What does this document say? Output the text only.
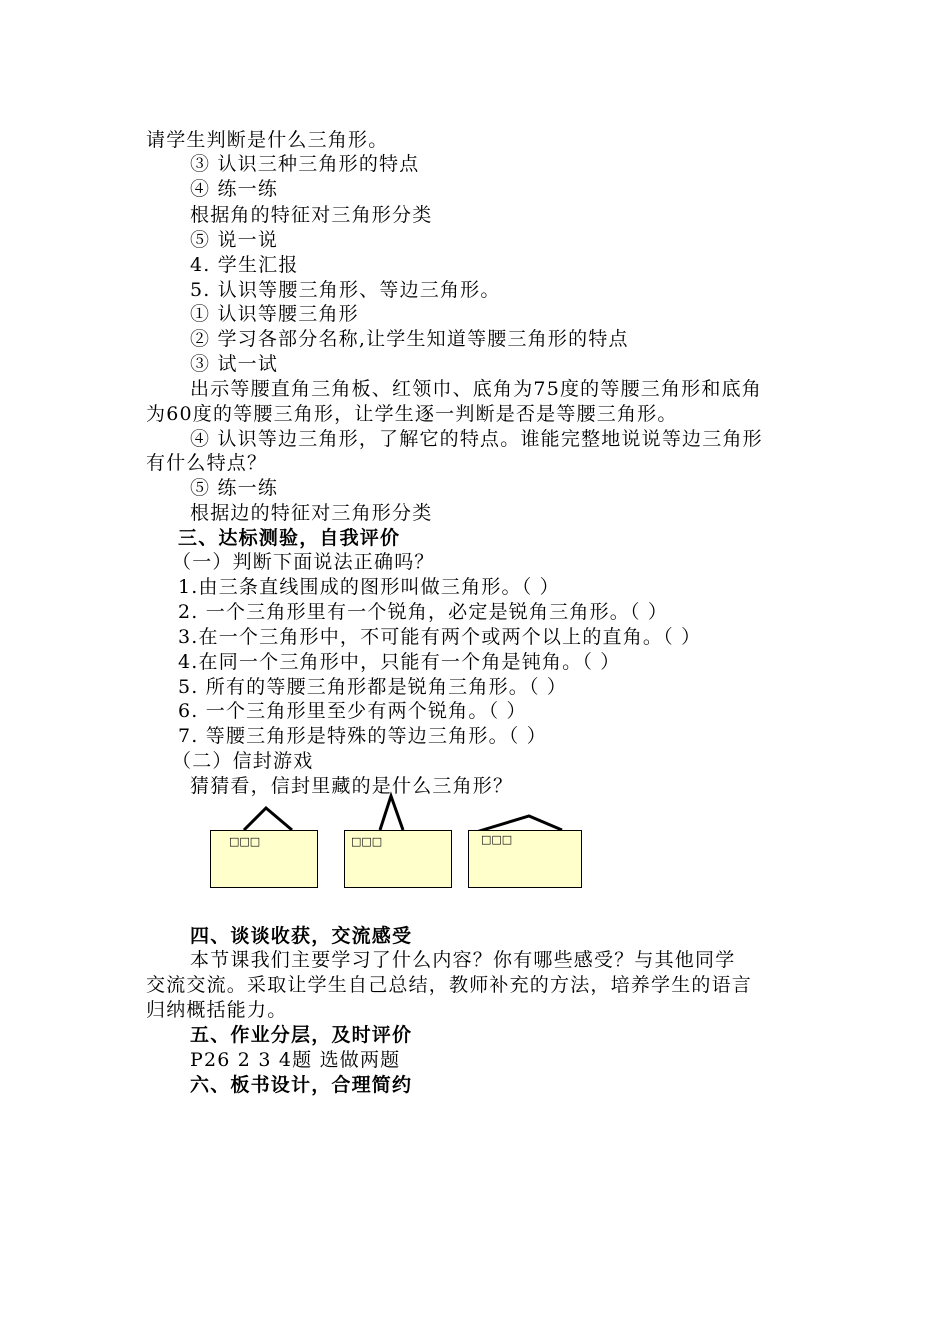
请学生判断是什么三角形。
③ 认识三种三角形的特点
④ 练一练
根据角的特征对三角形分类
⑤ 说一说
4. 学生汇报
5. 认识等腰三角形、等边三角形。
① 认识等腰三角形
② 学习各部分名称,让学生知道等腰三角形的特点
③ 试一试
出示等腰直角三角板、红领巾、底角为75度的等腰三角形和底角
为60度的等腰三角形，让学生逐一判断是否是等腰三角形。
④ 认识等边三角形，了解它的特点。谁能完整地说说等边三角形
有什么特点？
⑤ 练一练
根据边的特征对三角形分类
三、达标测验，自我评价
（一）判断下面说法正确吗？
1.由三条直线围成的图形叫做三角形。（ ）
2. 一个三角形里有一个锐角，必定是锐角三角形。（ ）
3.在一个三角形中，不可能有两个或两个以上的直角。（ ）
4.在同一个三角形中，只能有一个角是钝角。（ ）
5. 所有的等腰三角形都是锐角三角形。（ ）
6. 一个三角形里至少有两个锐角。（ ）
7. 等腰三角形是特殊的等边三角形。（ ）
（二）信封游戏
猜猜看，信封里藏的是什么三角形？
□□□	□□□	□□□
四、谈谈收获，交流感受
本节课我们主要学习了什么内容？你有哪些感受？与其他同学
交流交流。采取让学生自己总结，教师补充的方法，培养学生的语言
归纳概括能力。
五、作业分层，及时评价
P26 2 3 4题 选做两题
六、板书设计，合理简约
